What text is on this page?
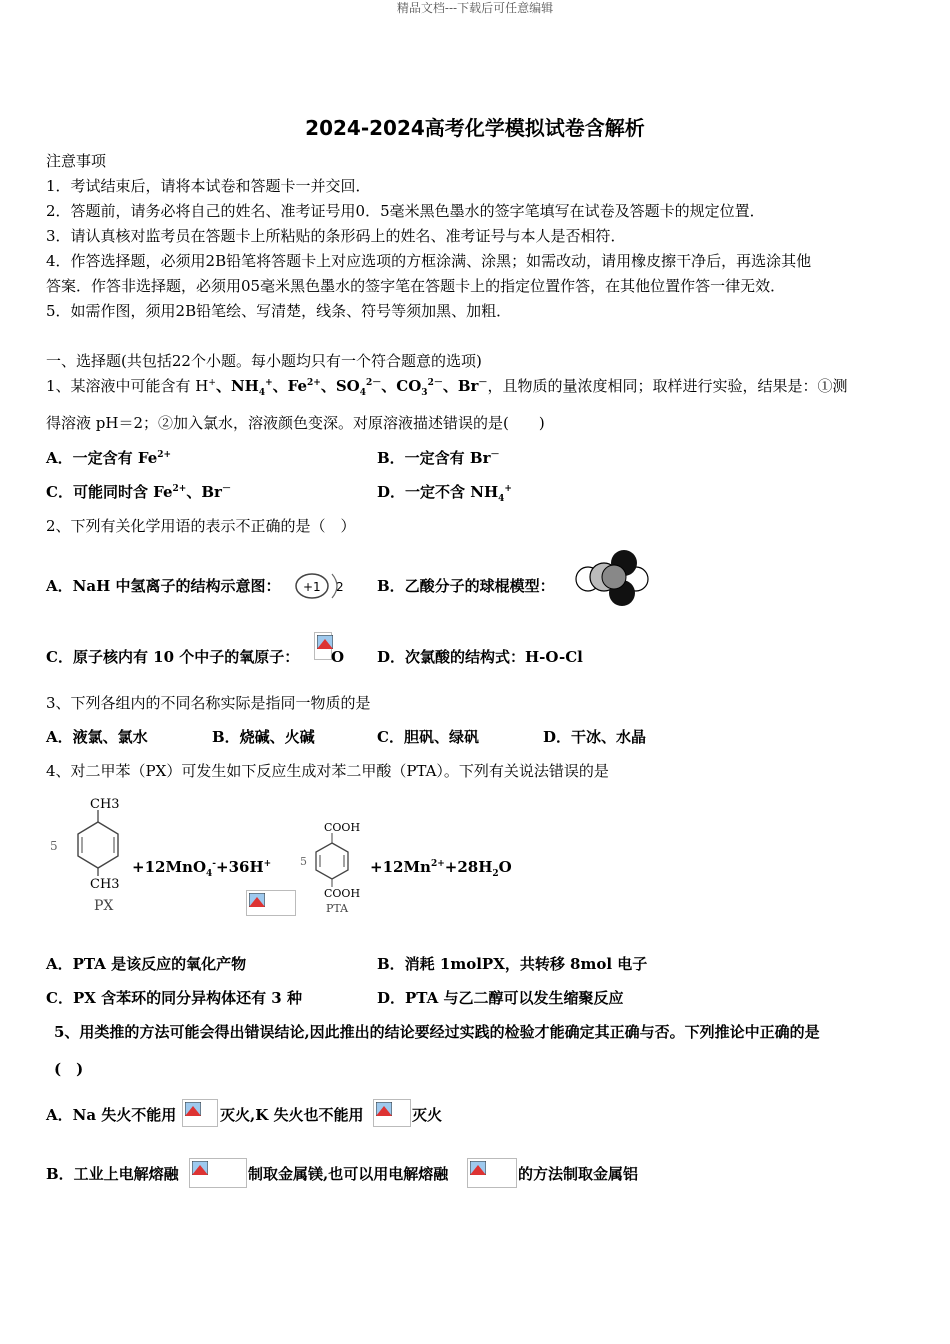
精品文档---下载后可任意编辑
2024-2024高考化学模拟试卷含解析
注意事项
1．考试结束后，请将本试卷和答题卡一并交回．
2．答题前，请务必将自己的姓名、准考证号用0．5毫米黑色墨水的签字笔填写在试卷及答题卡的规定位置．
3．请认真核对监考员在答题卡上所粘贴的条形码上的姓名、准考证号与本人是否相符．
4．作答选择题，必须用2B铅笔将答题卡上对应选项的方框涂满、涂黑；如需改动，请用橡皮擦干净后，再选涂其他
答案．作答非选择题，必须用05毫米黑色墨水的签字笔在答题卡上的指定位置作答，在其他位置作答一律无效．
5．如需作图，须用2B铅笔绘、写清楚，线条、符号等须加黑、加粗．
一、选择题(共包括22个小题。每小题均只有一个符合题意的选项)
1、某溶液中可能含有 H+、$NH_4^+$、$Fe^{2+}$、$SO_4^{2-}$、$CO_3^{2-}$、Br－，且物质的量浓度相同；取样进行实验，结果是：①测
得溶液 pH＝2；②加入氯水，溶液颜色变深。对原溶液描述错误的是(　　)
A．一定含有 $Fe^{2+}$	B．一定含有 Br－
C．可能同时含 $Fe^{2+}$、Br－	D．一定不含 $NH_4^+$
2、下列有关化学用语的表示不正确的是（　）
A．NaH 中氢离子的结构示意图： +1 2 B．乙酸分子的球棍模型：
C．原子核内有 10 个中子的氧原子： O D．次氯酸的结构式：H-O-Cl
3、下列各组内的不同名称实际是指同一物质的是
A．液氯、氯水	B．烧碱、火碱	C．胆矾、绿矾	D．干冰、水晶
4、对二甲苯（PX）可发生如下反应生成对苯二甲酸（PTA）。下列有关说法错误的是
CH3
CH3
5
PX
+12MnO$_4$-+36H+
COOH
COOH
5
PTA
$+12Mn^{2+}+28H_2O$
A．PTA 是该反应的氧化产物	B．消耗 1molPX，共转移 8mol 电子
C．PX 含苯环的同分异构体还有 3 种	D．PTA 与乙二醇可以发生缩聚反应
5、用类推的方法可能会得出错误结论,因此推出的结论要经过实践的检验才能确定其正确与否。下列推论中正确的是
(　)
A．Na 失火不能用	灭火,K 失火也不能用	灭火
B．工业上电解熔融	制取金属镁,也可以用电解熔融	的方法制取金属铝
